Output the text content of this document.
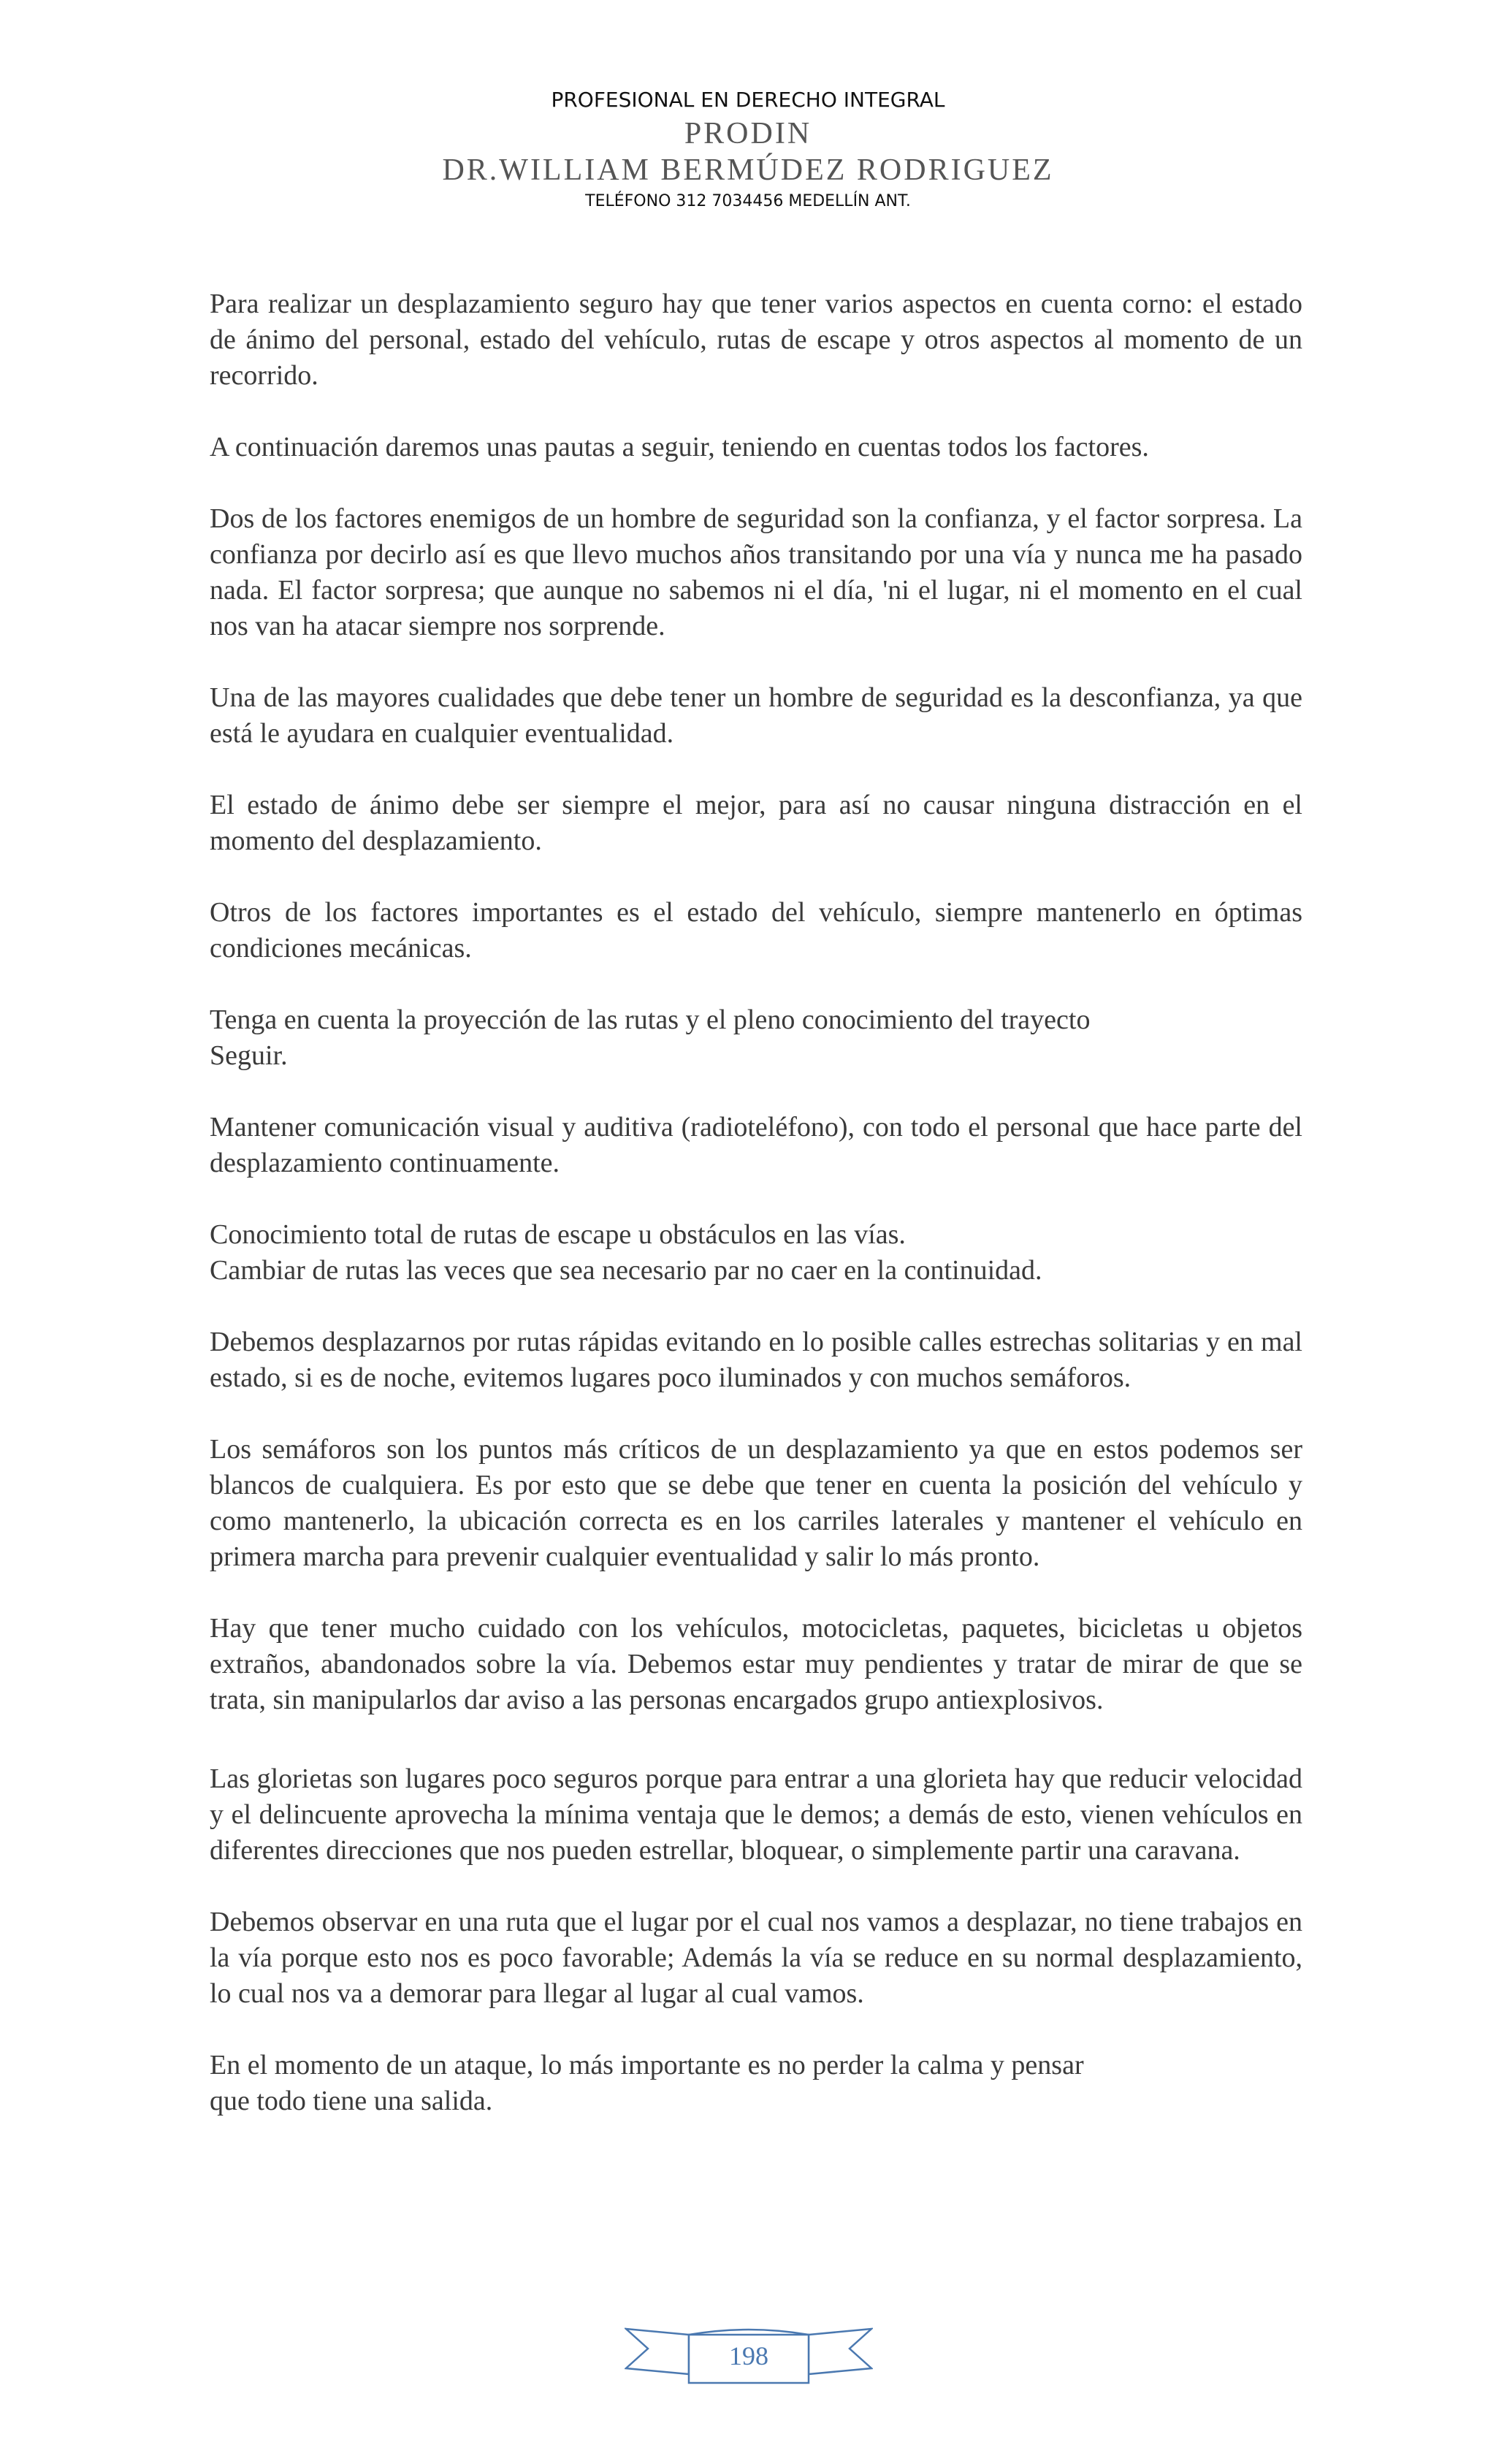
PROFESIONAL EN DERECHO INTEGRAL
PRODIN
DR.WILLIAM BERMÚDEZ RODRIGUEZ
TELÉFONO 312 7034456 MEDELLÍN ANT.

Para realizar un desplazamiento seguro hay que tener varios aspectos en cuenta corno: el estado de ánimo del personal, estado del vehículo, rutas de escape y otros aspectos al momento de un recorrido.

A continuación daremos unas pautas a seguir, teniendo en cuentas todos los factores.

Dos de los factores enemigos de un hombre de seguridad son la confianza, y el factor sorpresa. La confianza por decirlo así es que llevo muchos años transitando por una vía y nunca me ha pasado nada. El factor sorpresa; que aunque no sabemos ni el día, 'ni el lugar, ni el momento en el cual nos van ha atacar siempre nos sorprende.

Una de las mayores cualidades que debe tener un hombre de seguridad es la desconfianza, ya que está le ayudara en cualquier eventualidad.

El estado de ánimo debe ser siempre el mejor, para así no causar ninguna distracción en el momento del desplazamiento.

Otros de los factores importantes es el estado del vehículo, siempre mantenerlo en óptimas condiciones mecánicas.

Tenga en cuenta la proyección de las rutas y el pleno conocimiento del trayecto
Seguir.

Mantener comunicación visual y auditiva (radioteléfono), con todo el personal que hace parte del desplazamiento continuamente.

Conocimiento total de rutas de escape u obstáculos en las vías.
Cambiar de rutas las veces que sea necesario par no caer en la continuidad.

Debemos desplazarnos por rutas rápidas evitando en lo posible calles estrechas solitarias y en mal estado, si es de noche, evitemos lugares poco iluminados y con muchos semáforos.

Los semáforos son los puntos más críticos de un desplazamiento ya que en estos podemos ser blancos de cualquiera. Es por esto que se debe que tener en cuenta la posición del vehículo y como mantenerlo, la ubicación correcta es en los carriles laterales y mantener el vehículo en primera marcha para prevenir cualquier eventualidad y salir lo más pronto.

Hay que tener mucho cuidado con los vehículos, motocicletas, paquetes, bicicletas u objetos extraños, abandonados sobre la vía. Debemos estar muy pendientes y tratar de mirar de que se trata, sin manipularlos dar aviso a las personas encargados grupo antiexplosivos.

Las glorietas son lugares poco seguros porque para entrar a una glorieta hay que reducir velocidad y el delincuente aprovecha la mínima ventaja que le demos; a demás de esto, vienen vehículos en diferentes direcciones que nos pueden estrellar, bloquear, o simplemente partir una caravana.

Debemos observar en una ruta que el lugar por el cual nos vamos a desplazar, no tiene trabajos en la vía porque esto nos es poco favorable; Además la vía se reduce en su normal desplazamiento, lo cual nos va a demorar para llegar al lugar al cual vamos.

En el momento de un ataque, lo más importante es no perder la calma y pensar
que todo tiene una salida.

198
